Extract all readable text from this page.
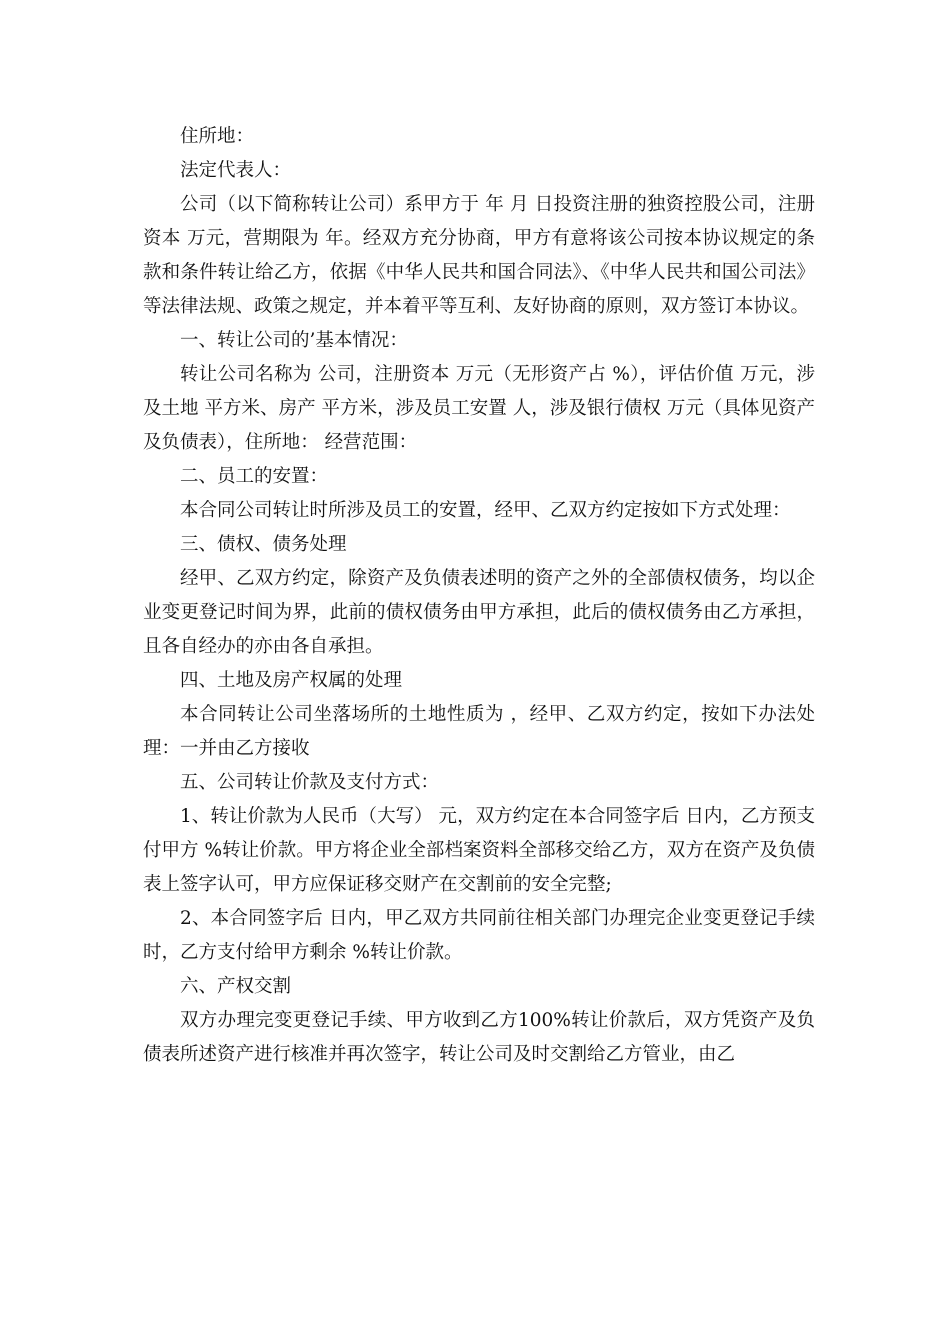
住所地：

法定代表人：

公司（以下简称转让公司）系甲方于 年 月 日投资注册的独资控股公司，注册资本 万元，营期限为 年。经双方充分协商，甲方有意将该公司按本协议规定的条款和条件转让给乙方，依据《中华人民共和国合同法》、《中华人民共和国公司法》等法律法规、政策之规定，并本着平等互利、友好协商的原则，双方签订本协议。

一、转让公司的’基本情况：

转让公司名称为 公司，注册资本 万元（无形资产占 %），评估价值 万元，涉及土地 平方米、房产 平方米，涉及员工安置 人，涉及银行债权 万元（具体见资产及负债表），住所地： 经营范围：

二、员工的安置：

本合同公司转让时所涉及员工的安置，经甲、乙双方约定按如下方式处理：

三、债权、债务处理

经甲、乙双方约定，除资产及负债表述明的资产之外的全部债权债务，均以企业变更登记时间为界，此前的债权债务由甲方承担，此后的债权债务由乙方承担，且各自经办的亦由各自承担。

四、土地及房产权属的处理

本合同转让公司坐落场所的土地性质为 ，经甲、乙双方约定，按如下办法处理：一并由乙方接收

五、公司转让价款及支付方式：

1、转让价款为人民币（大写） 元，双方约定在本合同签字后 日内，乙方预支付甲方 %转让价款。甲方将企业全部档案资料全部移交给乙方，双方在资产及负债表上签字认可，甲方应保证移交财产在交割前的安全完整;

2、本合同签字后 日内，甲乙双方共同前往相关部门办理完企业变更登记手续时，乙方支付给甲方剩余 %转让价款。

六、产权交割

双方办理完变更登记手续、甲方收到乙方100%转让价款后，双方凭资产及负债表所述资产进行核准并再次签字，转让公司及时交割给乙方管业，由乙
